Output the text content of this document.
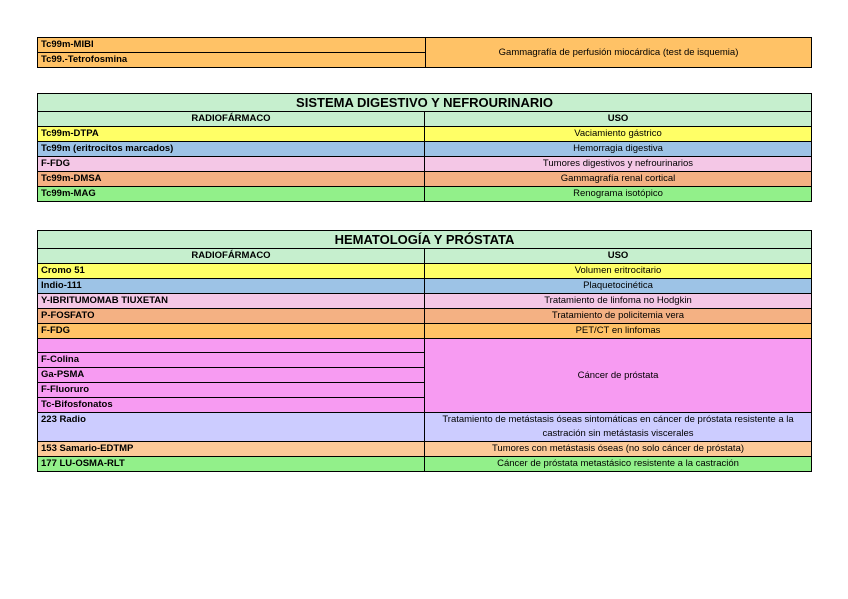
Tc99m-MIBI	Gammagrafía de perfusión miocárdica (test de isquemia)
Tc99.-Tetrofosmina
SISTEMA DIGESTIVO Y NEFROURINARIO	
RADIOFÁRMACO	USO
Tc99m-DTPA	Vaciamiento gástrico
Tc99m (eritrocitos marcados)	Hemorragia digestiva
F-FDG	Tumores digestivos y nefrourinarios
Tc99m-DMSA	Gammagrafía renal cortical
Tc99m-MAG	Renograma isotópico
HEMATOLOGÍA Y PRÓSTATA	
RADIOFÁRMACO	USO
Cromo 51	Volumen eritrocitario
Indio-111	Plaquetocinética
Y-IBRITUMOMAB TIUXETAN	Tratamiento de linfoma no Hodgkin
P-FOSFATO	Tratamiento de policitemia vera
F-FDG	PET/CT en linfomas
	Cáncer de próstata
F-Colina	
Ga-PSMA	
F-Fluoruro	
Tc-Bifosfonatos	
223 Radio	Tratamiento de metástasis óseas sintomáticas en cáncer de próstata resistente a la castración sin metástasis viscerales
153 Samario-EDTMP	Tumores con metástasis óseas (no solo cáncer de próstata)
177 LU-OSMA-RLT	Cáncer de próstata metastásico resistente a la castración
